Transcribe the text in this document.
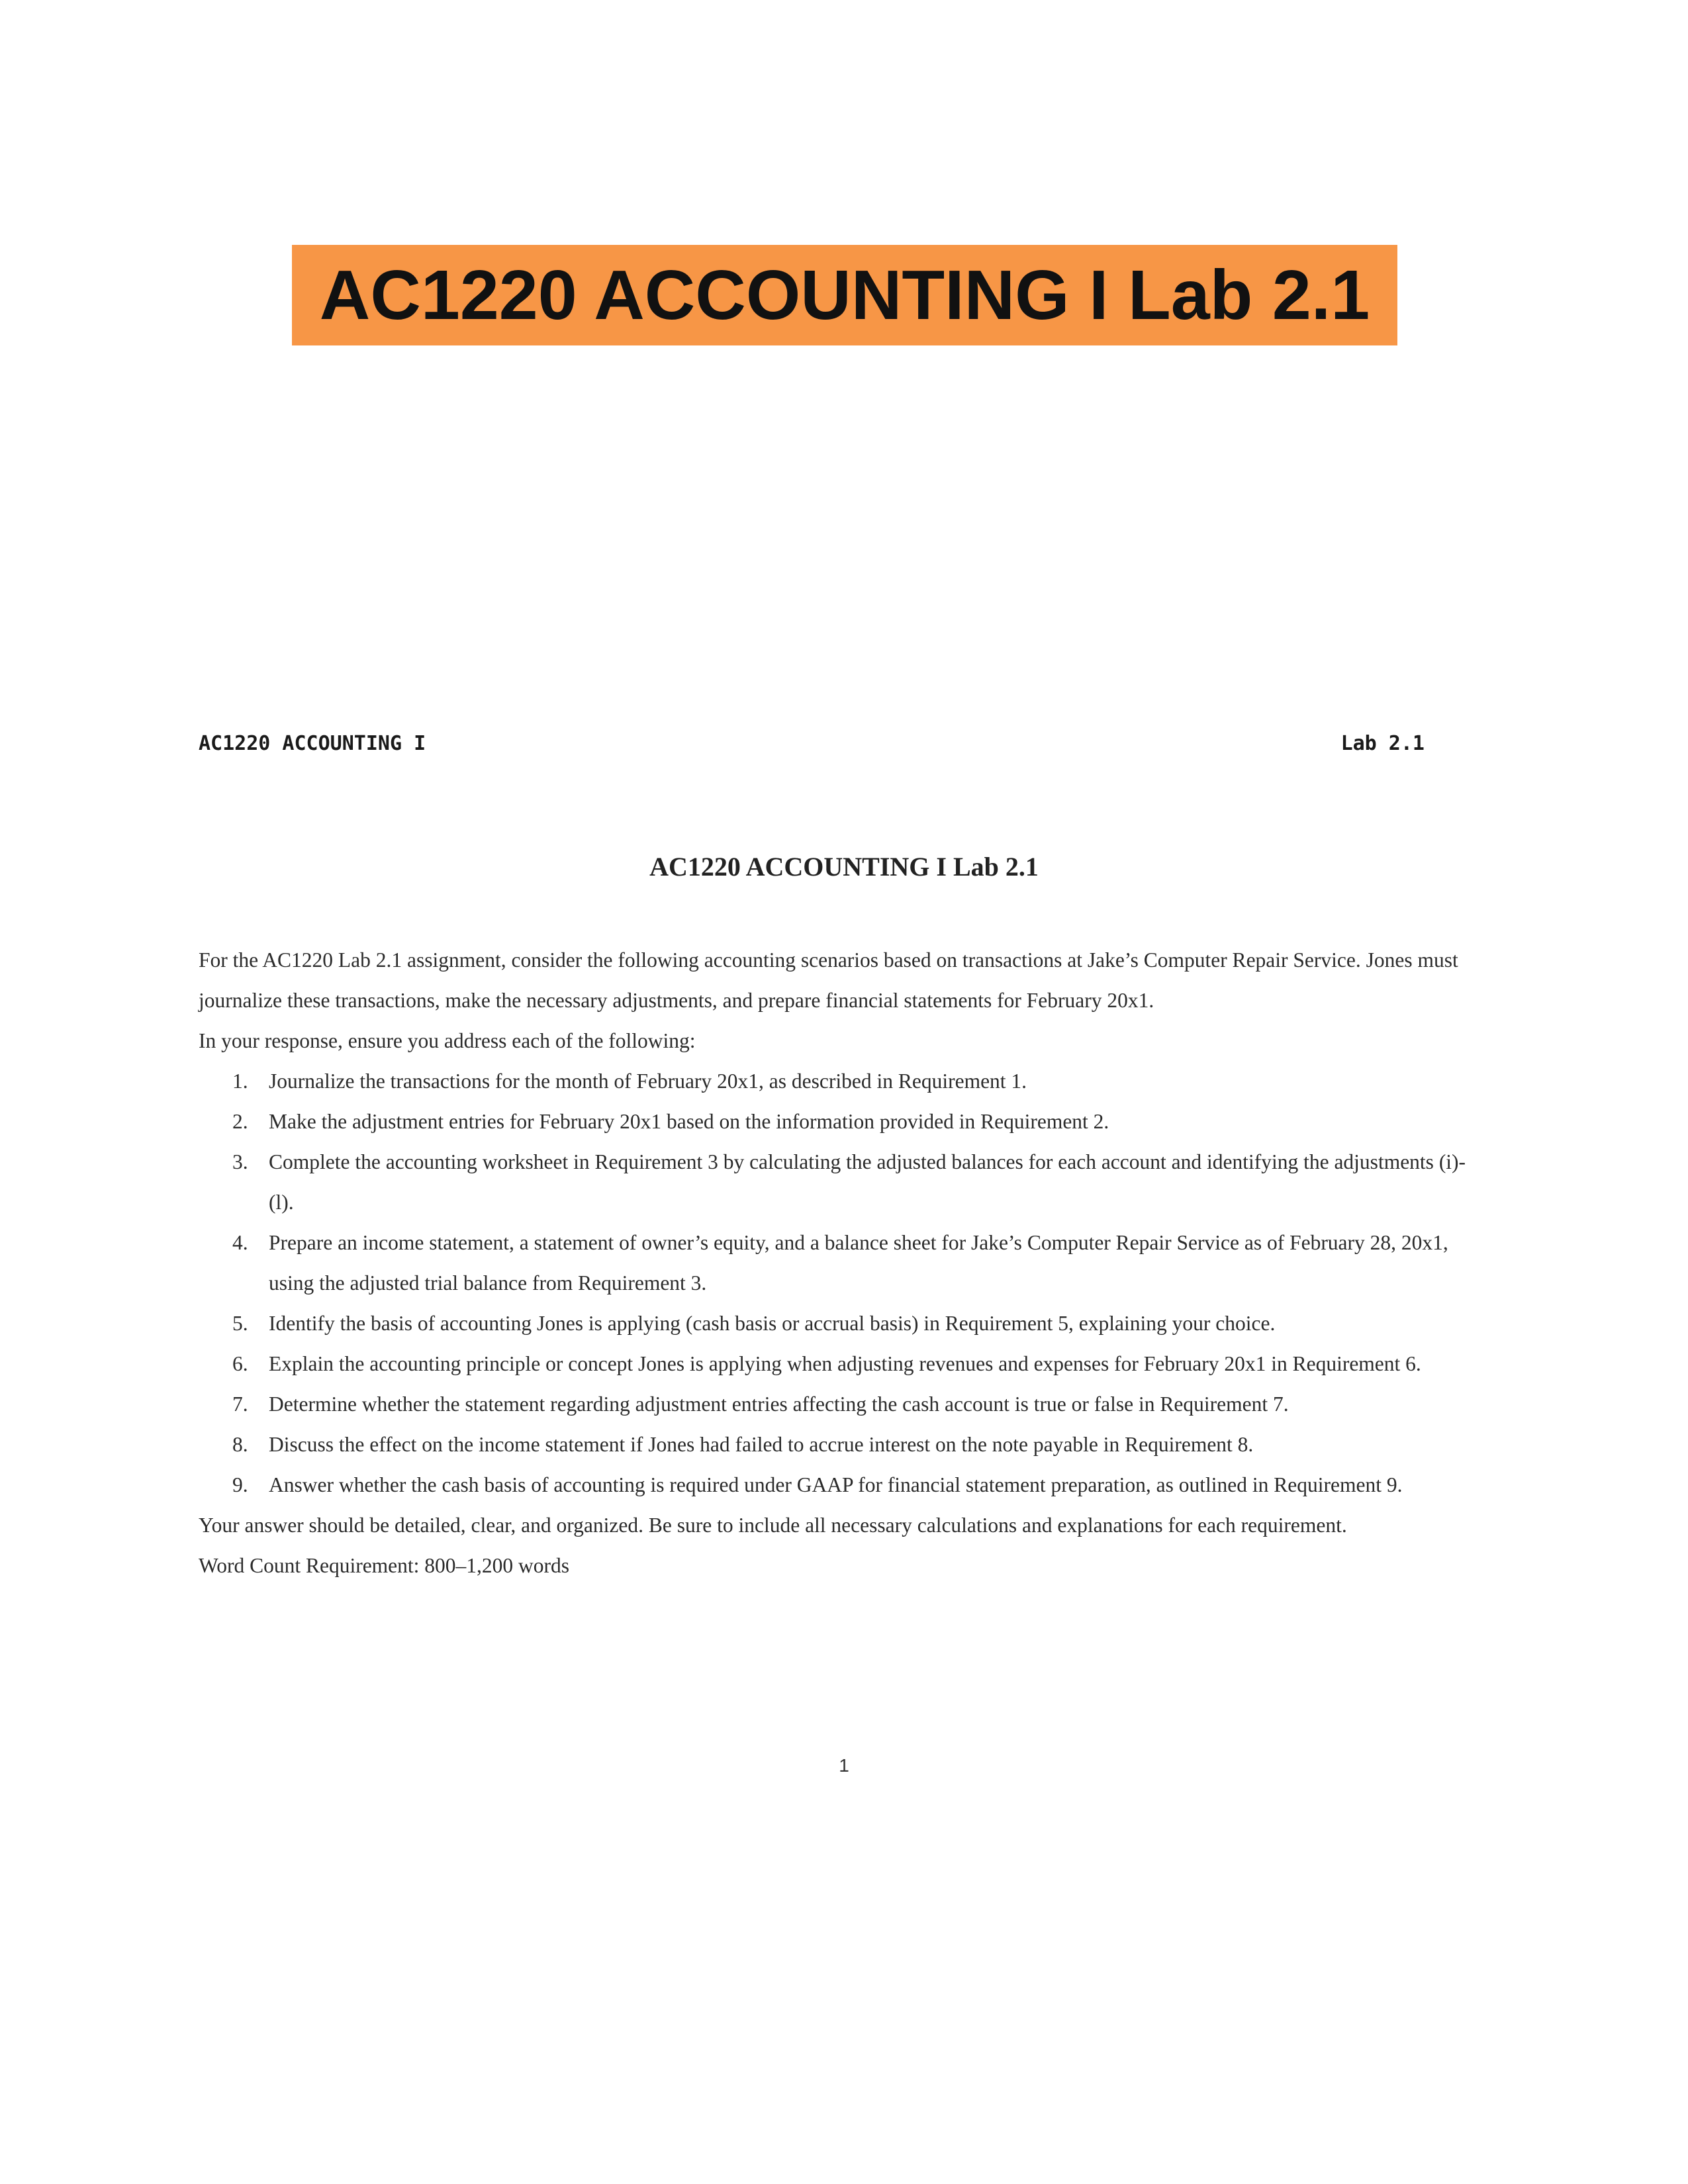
AC1220 ACCOUNTING I Lab 2.1
AC1220 ACCOUNTING I	Lab 2.1
AC1220 ACCOUNTING I Lab 2.1

For the AC1220 Lab 2.1 assignment, consider the following accounting scenarios based on transactions at Jake’s Computer Repair Service. Jones must journalize these transactions, make the necessary adjustments, and prepare financial statements for February 20x1.

In your response, ensure you address each of the following:

1. Journalize the transactions for the month of February 20x1, as described in Requirement 1.
2. Make the adjustment entries for February 20x1 based on the information provided in Requirement 2.
3. Complete the accounting worksheet in Requirement 3 by calculating the adjusted balances for each account and identifying the adjustments (i)-(l).
4. Prepare an income statement, a statement of owner’s equity, and a balance sheet for Jake’s Computer Repair Service as of February 28, 20x1, using the adjusted trial balance from Requirement 3.
5. Identify the basis of accounting Jones is applying (cash basis or accrual basis) in Requirement 5, explaining your choice.
6. Explain the accounting principle or concept Jones is applying when adjusting revenues and expenses for February 20x1 in Requirement 6.
7. Determine whether the statement regarding adjustment entries affecting the cash account is true or false in Requirement 7.
8. Discuss the effect on the income statement if Jones had failed to accrue interest on the note payable in Requirement 8.
9. Answer whether the cash basis of accounting is required under GAAP for financial statement preparation, as outlined in Requirement 9.

Your answer should be detailed, clear, and organized. Be sure to include all necessary calculations and explanations for each requirement.

Word Count Requirement: 800–1,200 words

1
